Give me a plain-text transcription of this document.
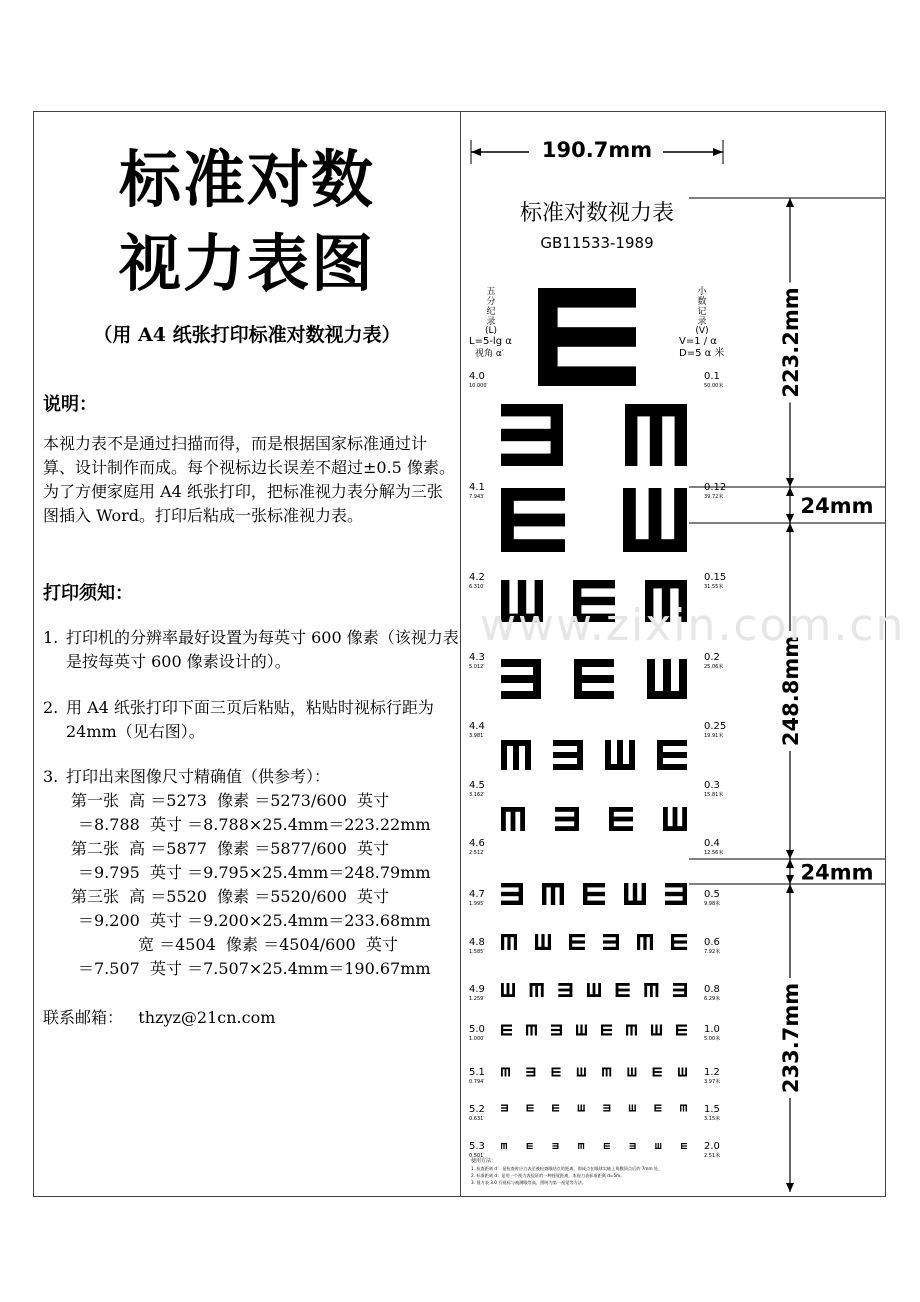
标准对数
视力表图
（用 A4 纸张打印标准对数视力表）
说明：
本视力表不是通过扫描而得，而是根据国家标准通过计算、设计制作而成。每个视标边长误差不超过±0.5 像素。为了方便家庭用 A4 纸张打印，把标准视力表分解为三张图插入 Word。打印后粘成一张标准视力表。
打印须知：
1. 打印机的分辨率最好设置为每英寸 600 像素（该视力表是按每英寸 600 像素设计的）。
2. 用 A4 纸张打印下面三页后粘贴，粘贴时视标行距为 24mm（见右图）。
3. 打印出来图像尺寸精确值（供参考）：
第一张  高 ＝5273  像素 ＝5273/600  英寸
＝8.788  英寸 ＝8.788×25.4mm＝223.22mm
第二张  高 ＝5877  像素 ＝5877/600  英寸
＝9.795  英寸 ＝9.795×25.4mm＝248.79mm
第三张  高 ＝5520  像素 ＝5520/600  英寸
＝9.200  英寸 ＝9.200×25.4mm＝233.68mm
宽 ＝4504  像素 ＝4504/600  英寸
＝7.507  英寸 ＝7.507×25.4mm＝190.67mm
联系邮箱： thzyz@21cn.com
190.7mm
标准对数视力表
GB11533-1989
223.2mm
24mm
248.8mm
24mm
233.7mm
五
分
纪
录
(L)
L=5-lg α
视角 α′
小
数
记
录
(V)
V=1 / α
D=5 α 米
4.0
10.000′
0.1
50.00米
4.1
7.943′
0.12
39.72米
4.2
6.310′
0.15
31.55米
4.3
5.012′
0.2
25.06米
4.4
3.981′
0.25
19.91米
4.5
3.162′
0.3
15.81米
4.6
2.512′
0.4
12.56米
4.7
1.995′
0.5
9.98米
4.8
1.585′
0.6
7.92米
4.9
1.259′
0.8
6.29米
5.0
1.000′
1.0
5.00米
5.1
0.794′
1.2
3.97米
5.2
0.631′
1.5
3.15米
5.3
0.501′
2.0
2.51米
使用方法：
1. 检查距离 d′：是检查时应力表至被检查眼结点的距离，即成点在眼球实轴上角膜顶点后约 7mm 处。
2. 标准距离 d：是用一个视力表验证的一种视觉距离，本视力表标准距离 d=5m。
3. 视力表 3.0 行视标与被测眼等高，照明为第一视觉等方法。
www.zixin.com.cn
